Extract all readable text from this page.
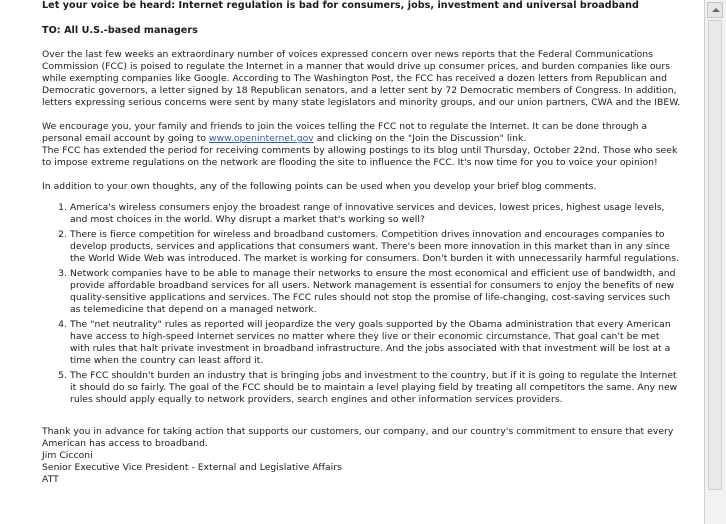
Let your voice be heard: Internet regulation is bad for consumers, jobs, investment and universal broadband
TO: All U.S.-based managers

Over the last few weeks an extraordinary number of voices expressed concern over news reports that the Federal Communications Commission (FCC) is poised to regulate the Internet in a manner that would drive up consumer prices, and burden companies like ours while exempting companies like Google. According to The Washington Post, the FCC has received a dozen letters from Republican and Democratic governors, a letter signed by 18 Republican senators, and a letter sent by 72 Democratic members of Congress. In addition, letters expressing serious concerns were sent by many state legislators and minority groups, and our union partners, CWA and the IBEW.

We encourage you, your family and friends to join the voices telling the FCC not to regulate the Internet. It can be done through a personal email account by going to www.openinternet.gov and clicking on the "Join the Discussion" link.
The FCC has extended the period for receiving comments by allowing postings to its blog until Thursday, October 22nd. Those who seek to impose extreme regulations on the network are flooding the site to influence the FCC. It's now time for you to voice your opinion!

In addition to your own thoughts, any of the following points can be used when you develop your brief blog comments.

1. America's wireless consumers enjoy the broadest range of innovative services and devices, lowest prices, highest usage levels, and most choices in the world. Why disrupt a market that's working so well?
2. There is fierce competition for wireless and broadband customers. Competition drives innovation and encourages companies to develop products, services and applications that consumers want. There's been more innovation in this market than in any since the World Wide Web was introduced. The market is working for consumers. Don't burden it with unnecessarily harmful regulations.
3. Network companies have to be able to manage their networks to ensure the most economical and efficient use of bandwidth, and provide affordable broadband services for all users. Network management is essential for consumers to enjoy the benefits of new quality-sensitive applications and services. The FCC rules should not stop the promise of life-changing, cost-saving services such as telemedicine that depend on a managed network.
4. The "net neutrality" rules as reported will jeopardize the very goals supported by the Obama administration that every American have access to high-speed Internet services no matter where they live or their economic circumstance. That goal can't be met with rules that halt private investment in broadband infrastructure. And the jobs associated with that investment will be lost at a time when the country can least afford it.
5. The FCC shouldn't burden an industry that is bringing jobs and investment to the country, but if it is going to regulate the Internet it should do so fairly. The goal of the FCC should be to maintain a level playing field by treating all competitors the same. Any new rules should apply equally to network providers, search engines and other information services providers.

Thank you in advance for taking action that supports our customers, our company, and our country's commitment to ensure that every American has access to broadband.

Jim Cicconi
Senior Executive Vice President - External and Legislative Affairs
ATT
